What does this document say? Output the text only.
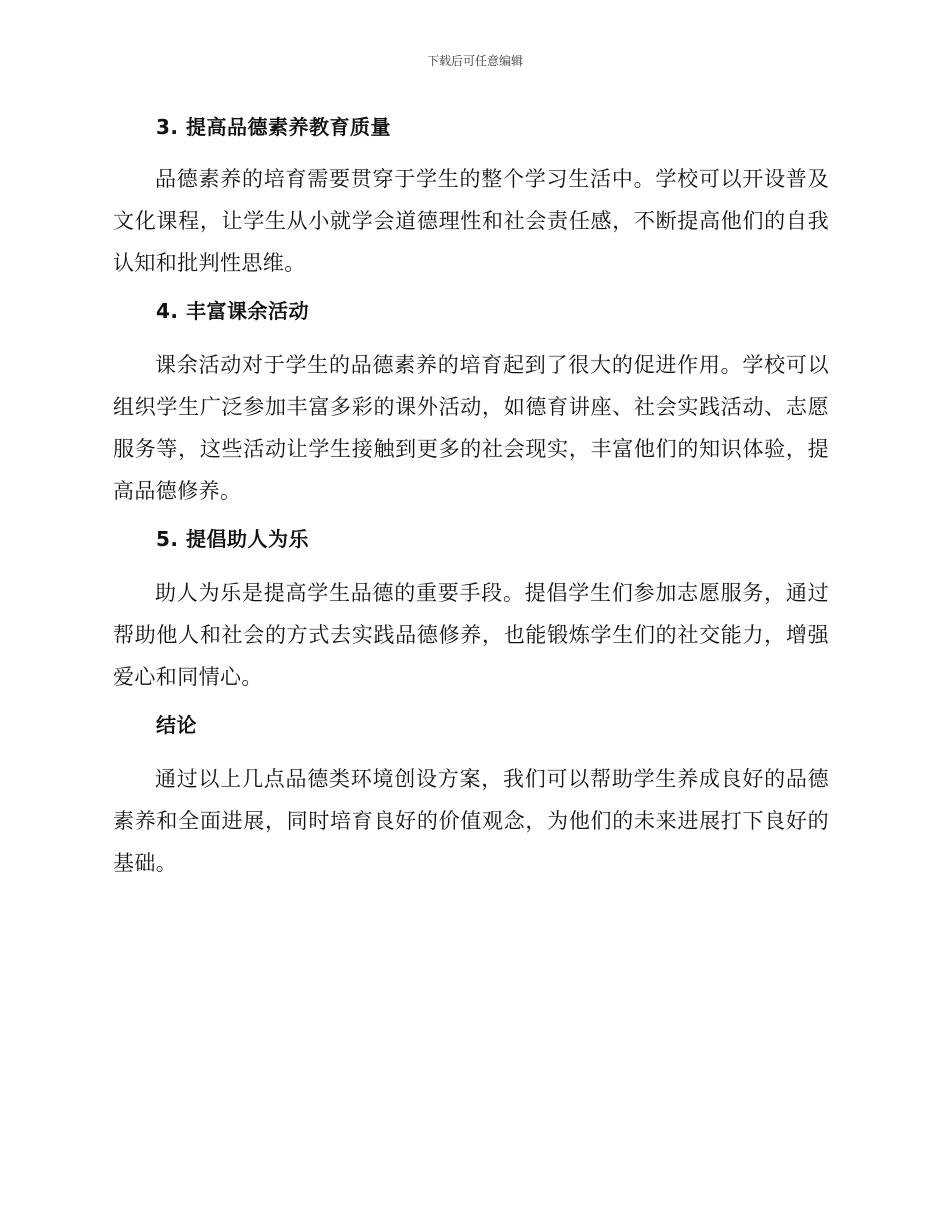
下载后可任意编辑
3. 提高品德素养教育质量

品德素养的培育需要贯穿于学生的整个学习生活中。学校可以开设普及文化课程，让学生从小就学会道德理性和社会责任感，不断提高他们的自我认知和批判性思维。

4. 丰富课余活动

课余活动对于学生的品德素养的培育起到了很大的促进作用。学校可以组织学生广泛参加丰富多彩的课外活动，如德育讲座、社会实践活动、志愿服务等，这些活动让学生接触到更多的社会现实，丰富他们的知识体验，提高品德修养。

5. 提倡助人为乐

助人为乐是提高学生品德的重要手段。提倡学生们参加志愿服务，通过帮助他人和社会的方式去实践品德修养，也能锻炼学生们的社交能力，增强爱心和同情心。

结论

通过以上几点品德类环境创设方案，我们可以帮助学生养成良好的品德素养和全面进展，同时培育良好的价值观念，为他们的未来进展打下良好的基础。
